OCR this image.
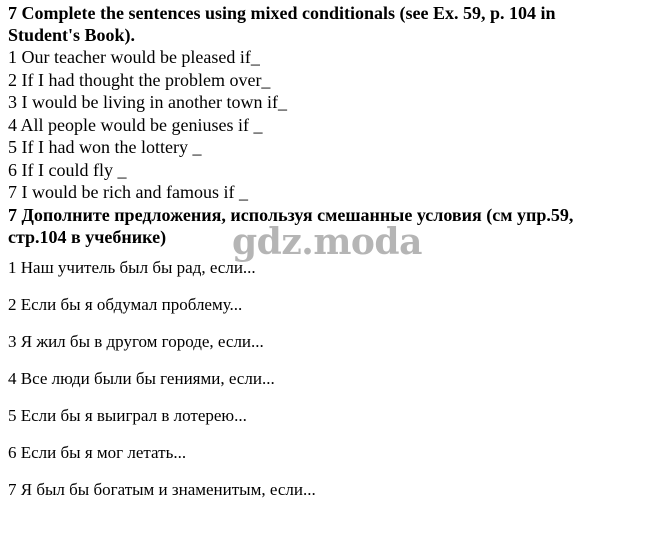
7 Complete the sentences using mixed conditionals (see Ex. 59, p. 104 in
Student's Book).

1 Our teacher would be pleased if_

2 If I had thought the problem over_

3 I would be living in another town if_

4 All people would be geniuses if _

5 If I had won the lottery _

6 If I could fly _

7 I would be rich and famous if _

7 Дополните предложения, используя смешанные условия (см упр.59,
стр.104 в учебнике)

1 Наш учитель был бы рад, если...

2 Если бы я обдумал проблему...

3 Я жил бы в другом городе, если...

4 Все люди были бы гениями, если...

5 Если бы я выиграл в лотерею...

6 Если бы я мог летать...

7 Я был бы богатым и знаменитым, если...

gdz.moda
